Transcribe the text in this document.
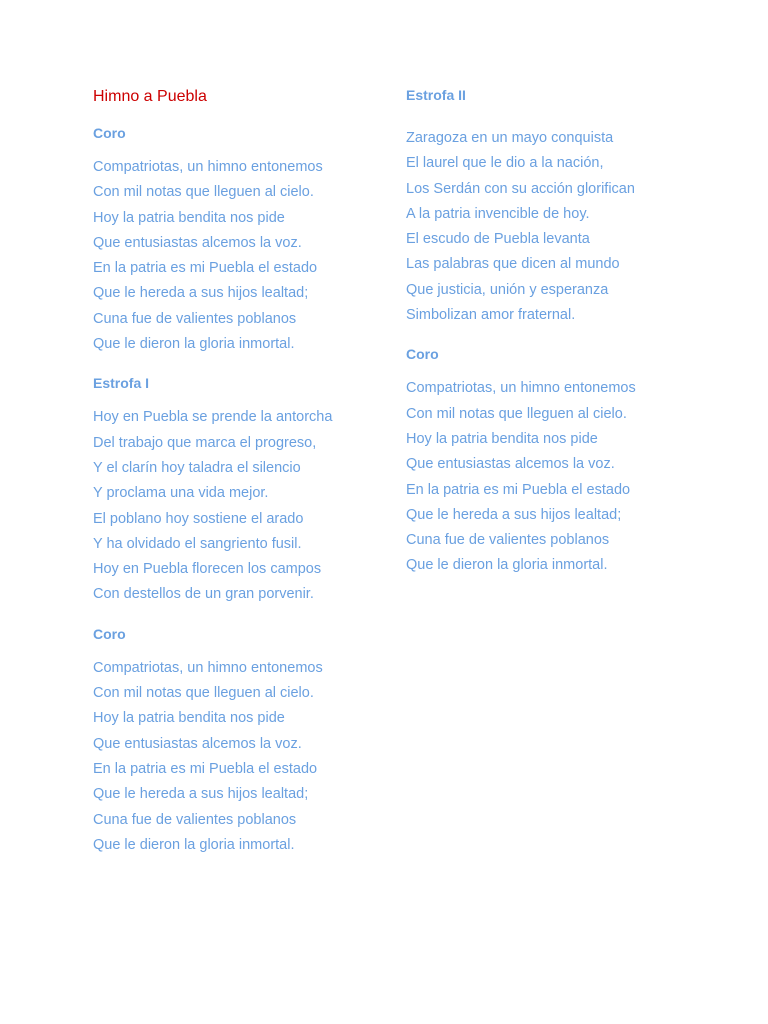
Himno a Puebla
Coro
Compatriotas, un himno entonemos
Con mil notas que lleguen al cielo.
Hoy la patria bendita nos pide
Que entusiastas alcemos la voz.
En la patria es mi Puebla el estado
Que le hereda a sus hijos lealtad;
Cuna fue de valientes poblanos
Que le dieron la gloria inmortal.
Estrofa I
Hoy en Puebla se prende la antorcha
Del trabajo que marca el progreso,
Y el clarín hoy taladra el silencio
Y proclama una vida mejor.
El poblano hoy sostiene el arado
Y ha olvidado el sangriento fusil.
Hoy en Puebla florecen los campos
Con destellos de un gran porvenir.
Coro
Compatriotas, un himno entonemos
Con mil notas que lleguen al cielo.
Hoy la patria bendita nos pide
Que entusiastas alcemos la voz.
En la patria es mi Puebla el estado
Que le hereda a sus hijos lealtad;
Cuna fue de valientes poblanos
Que le dieron la gloria inmortal.
Estrofa II
Zaragoza en un mayo conquista
El laurel que le dio a la nación,
Los Serdán con su acción glorifican
A la patria invencible de hoy.
El escudo de Puebla levanta
Las palabras que dicen al mundo
Que justicia, unión y esperanza
Simbolizan amor fraternal.
Coro
Compatriotas, un himno entonemos
Con mil notas que lleguen al cielo.
Hoy la patria bendita nos pide
Que entusiastas alcemos la voz.
En la patria es mi Puebla el estado
Que le hereda a sus hijos lealtad;
Cuna fue de valientes poblanos
Que le dieron la gloria inmortal.
